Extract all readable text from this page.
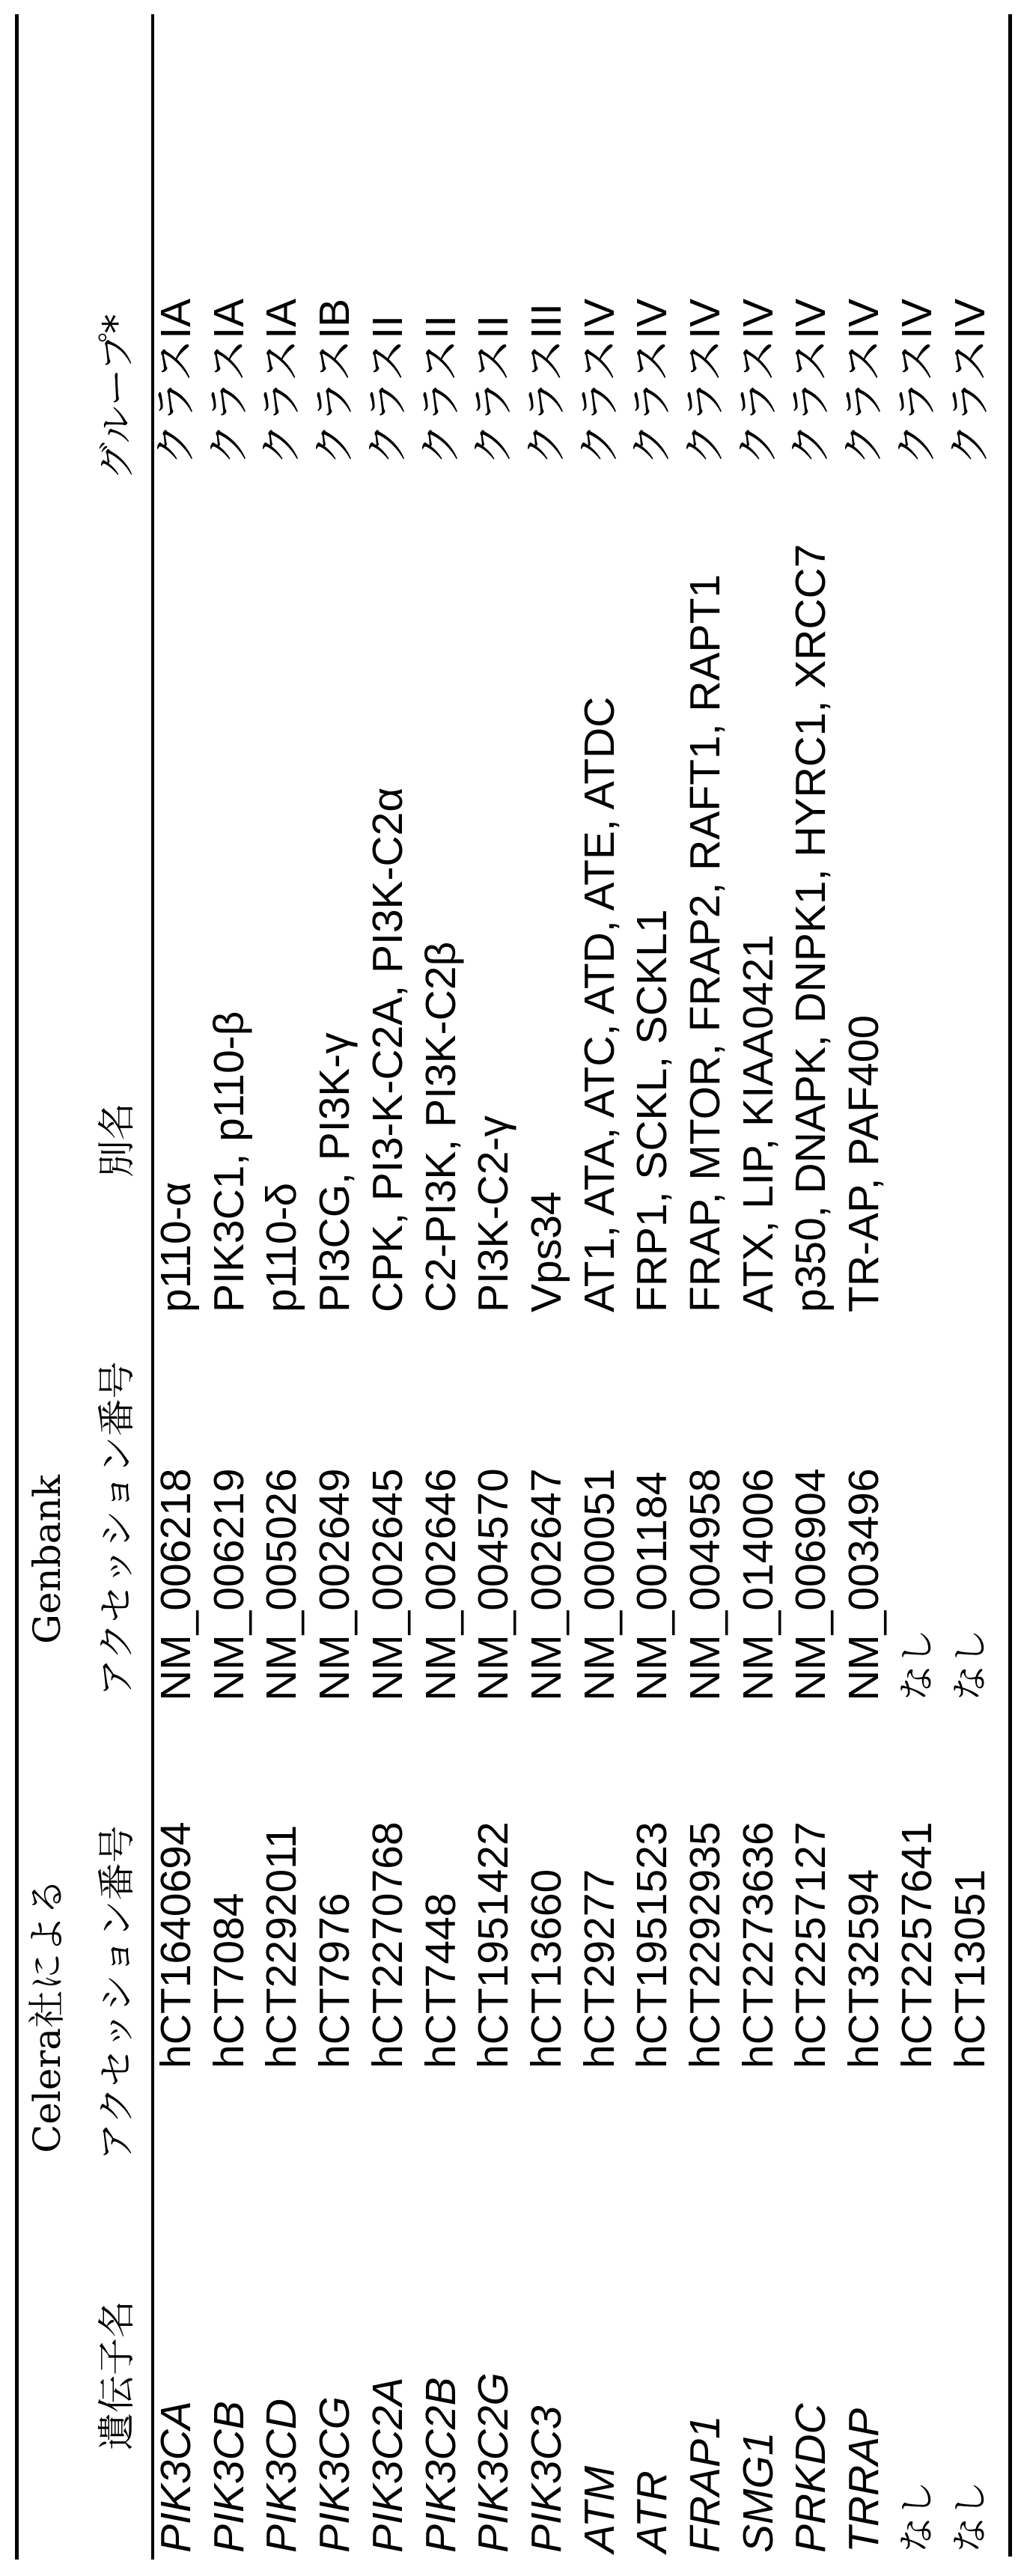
Celera社による
Genbank
遺伝子名
アクセッション番号
アクセッション番号
別名
グループ*
PIK3CA
hCT1640694
NM_006218
p110-α
クラスIA
PIK3CB
hCT7084
NM_006219
PIK3C1, p110-β
クラスIA
PIK3CD
hCT2292011
NM_005026
p110-δ
クラスIA
PIK3CG
hCT7976
NM_002649
PI3CG, PI3K-γ
クラスIB
PIK3C2A
hCT2270768
NM_002645
CPK, PI3-K-C2A, PI3K-C2α
クラスII
PIK3C2B
hCT7448
NM_002646
C2-PI3K, PI3K-C2β
クラスII
PIK3C2G
hCT1951422
NM_004570
PI3K-C2-γ
クラスII
PIK3C3
hCT13660
NM_002647
Vps34
クラスIII
ATM
hCT29277
NM_000051
AT1, ATA, ATC, ATD, ATE, ATDC
クラスIV
ATR
hCT1951523
NM_001184
FRP1, SCKL, SCKL1
クラスIV
FRAP1
hCT2292935
NM_004958
FRAP, MTOR, FRAP2, RAFT1, RAPT1
クラスIV
SMG1
hCT2273636
NM_014006
ATX, LIP, KIAA0421
クラスIV
PRKDC
hCT2257127
NM_006904
p350, DNAPK, DNPK1, HYRC1, XRCC7
クラスIV
TRRAP
hCT32594
NM_003496
TR-AP, PAF400
クラスIV
なし
hCT2257641
なし
クラスIV
なし
hCT13051
なし
クラスIV
